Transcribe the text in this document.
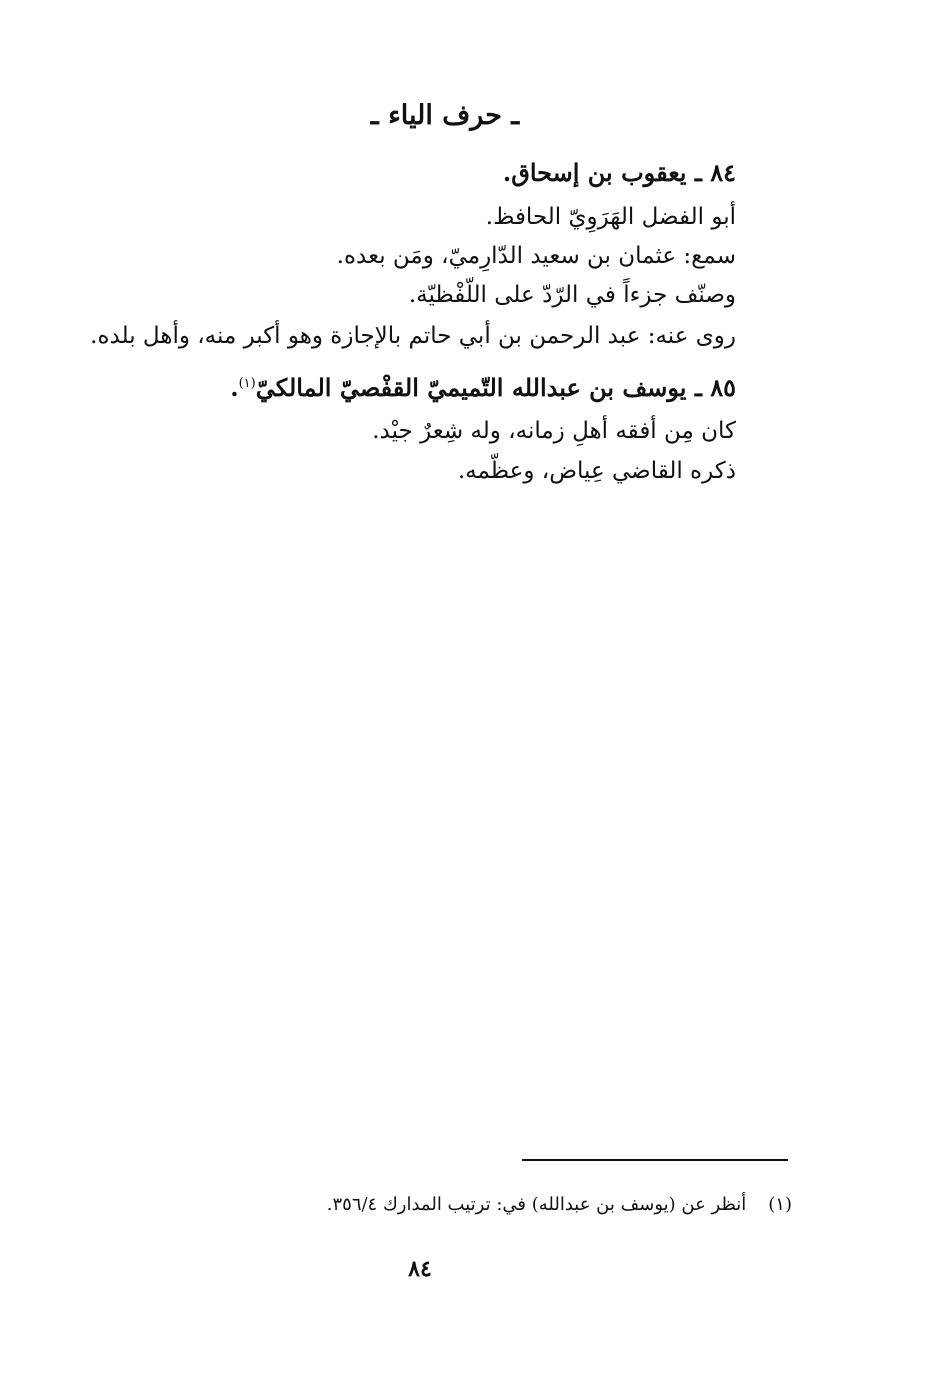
ـ حرف الياء ـ
٨٤ ـ يعقوب بن إسحاق.
أبو الفضل الهَرَوِيّ الحافظ.
سمع: عثمان بن سعيد الدّارِميّ، ومَن بعده.
وصنّف جزءاً في الرّدّ على اللّفْظيّة.
روى عنه: عبد الرحمن بن أبي حاتم بالإجازة وهو أكبر منه، وأهل بلده.
٨٥ ـ يوسف بن عبدالله التّميميّ القفْصيّ المالكيّ$^{(١)}$.
كان مِن أفقه أهلِ زمانه، وله شِعرٌ جيْد.
ذكره القاضي عِياض، وعظّمه.
(١)أنظر عن (يوسف بن عبدالله) في: ترتيب المدارك ٣٥٦/٤.
٨٤
